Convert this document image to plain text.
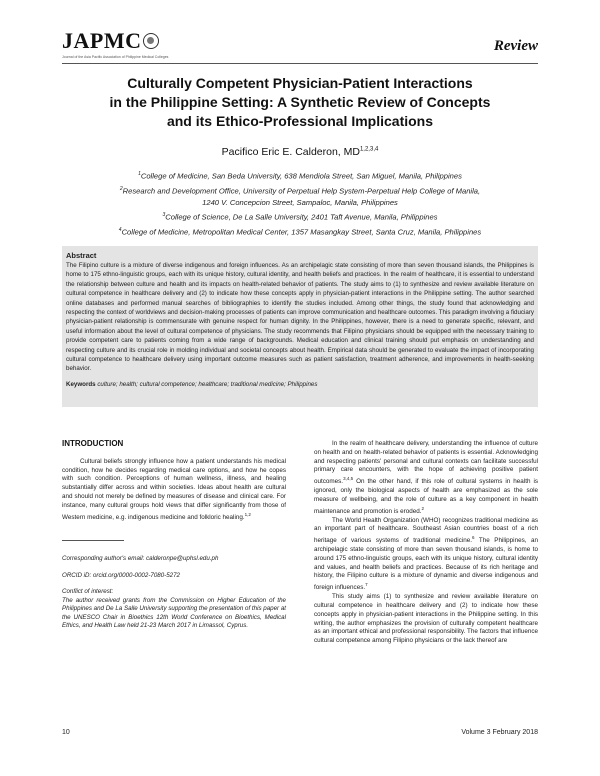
JAPMC
Journal of the Asia Pacific Association of Philippine Medical Colleges
Review
Culturally Competent Physician-Patient Interactions
in the Philippine Setting: A Synthetic Review of Concepts
and its Ethico-Professional Implications
Pacifico Eric E. Calderon, MD$^{1,2,3,4}$
$^1$College of Medicine, San Beda University, 638 Mendiola Street, San Miguel, Manila, Philippines
$^2$Research and Development Office, University of Perpetual Help System-Perpetual Help College of Manila,
1240 V. Concepcion Street, Sampaloc, Manila, Philippines
$^3$College of Science, De La Salle University, 2401 Taft Avenue, Manila, Philippines
$^4$College of Medicine, Metropolitan Medical Center, 1357 Masangkay Street, Santa Cruz, Manila, Philippines
Abstract
The Filipino culture is a mixture of diverse indigenous and foreign influences. As an archipelagic state consisting of more than seven thousand islands, the Philippines is home to 175 ethno-linguistic groups, each with its unique history, cultural identity, and health beliefs and practices. In the realm of healthcare, it is essential to understand the relationship between culture and health and its impacts on health-related behavior of patients. The study aims to (1) to synthesize and review available literature on cultural competence in healthcare delivery and (2) to indicate how these concepts apply in physician-patient interactions in the Philippine setting. The author searched online databases and performed manual searches of bibliographies to identify the studies included. Among other things, the study found that acknowledging and respecting the context of worldviews and decision-making processes of patients can improve communication and healthcare outcomes. This paradigm involving a fiduciary physician-patient relationship is commensurate with genuine respect for human dignity. In the Philippines, however, there is a need to generate specific, relevant, and useful information about the level of cultural competence of physicians. The study recommends that Filipino physicians should be equipped with the necessary training to provide competent care to patients coming from a wide range of backgrounds. Medical education and clinical training should put emphasis on understanding and respecting culture and its crucial role in molding individual and societal concepts about health. Empirical data should be generated to evaluate the impact of incorporating cultural competence to healthcare delivery using important outcome measures such as patient satisfaction, treatment adherence, and improvements in health-seeking behavior.
Keywords culture; health; cultural competence; healthcare; traditional medicine; Philippines
INTRODUCTION

Cultural beliefs strongly influence how a patient understands his medical condition, how he decides regarding medical care options, and how he copes with such condition. Perceptions of human wellness, illness, and healing substantially differ across and within societies. Ideas about health are cultural and should not merely be defined by measures of disease and clinical care. For instance, many cultural groups hold views that differ significantly from those of Western medicine, e.g. indigenous medicine and folkloric healing.$^{1,2}$

Corresponding author's email: calderonpe@uphsl.edu.ph
ORCID iD: orcid.org/0000-0002-7080-5272
Conflict of interest:
The author received grants from the Commission on Higher Education of the Philippines and De La Salle University supporting the presentation of this paper at the UNESCO Chair in Bioethics 12th World Conference on Bioethics, Medical Ethics, and Health Law held 21-23 March 2017 in Limassol, Cyprus.

In the realm of healthcare delivery, understanding the influence of culture on health and on health-related behavior of patients is essential. Acknowledging and respecting patients' personal and cultural contexts can facilitate successful primary care encounters, with the hope of achieving positive patient outcomes.$^{3,4,5}$ On the other hand, if this role of cultural systems in health is ignored, only the biological aspects of health are emphasized as the sole measure of wellbeing, and the role of culture as a key component in health maintenance and promotion is eroded.$^2$

The World Health Organization (WHO) recognizes traditional medicine as an important part of healthcare. Southeast Asian countries boast of a rich heritage of various systems of traditional medicine.$^6$ The Philippines, an archipelagic state consisting of more than seven thousand islands, is home to around 175 ethno-linguistic groups, each with its unique history, cultural identity and values, and health beliefs and practices. Because of its rich heritage and history, the Filipino culture is a mixture of dynamic and diverse indigenous and foreign influences.$^7$

This study aims (1) to synthesize and review available literature on cultural competence in healthcare delivery and (2) to indicate how these concepts apply in physician-patient interactions in the Philippine setting. In this writing, the author emphasizes the provision of culturally competent healthcare as an important ethical and professional responsibility. The factors that influence cultural competence among Filipino physicians or the lack thereof are

10	Volume 3 February 2018
